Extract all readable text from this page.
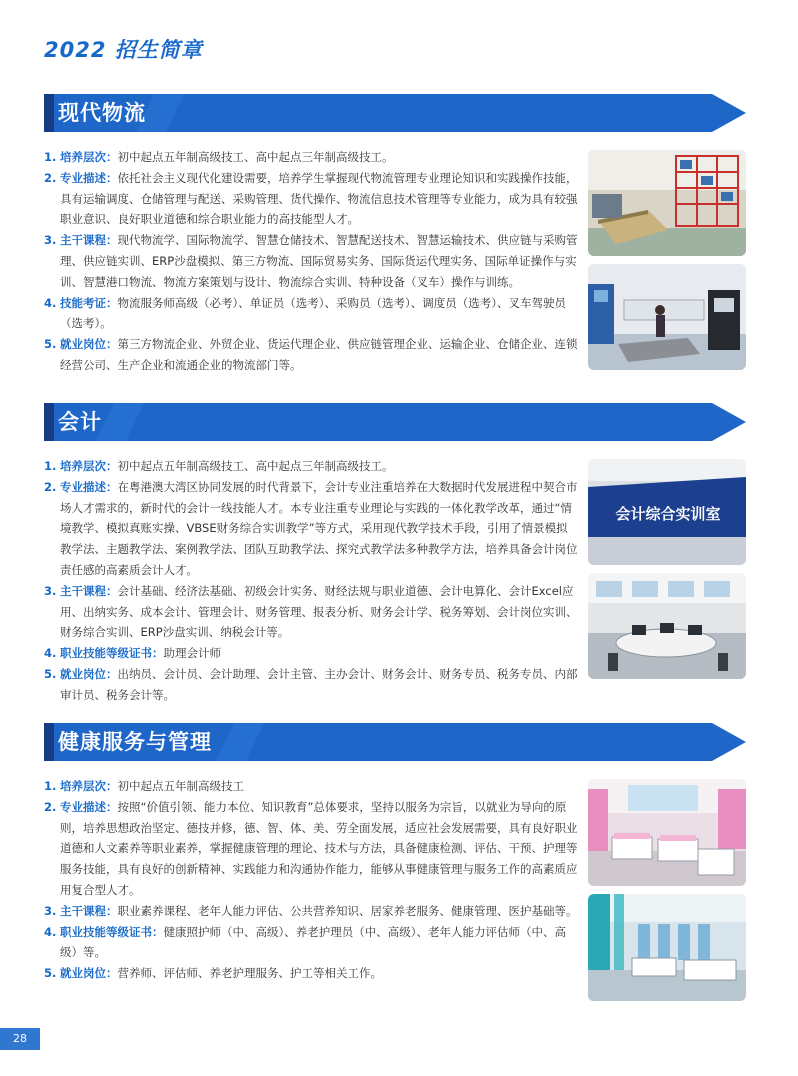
2022 招生简章
现代物流

1. 培养层次：初中起点五年制高级技工、高中起点三年制高级技工。

2. 专业描述：依托社会主义现代化建设需要，培养学生掌握现代物流管理专业理论知识和实践操作技能，具有运输调度、仓储管理与配送、采购管理、货代操作、物流信息技术管理等专业能力，成为具有较强职业意识、良好职业道德和综合职业能力的高技能型人才。

3. 主干课程：现代物流学、国际物流学、智慧仓储技术、智慧配送技术、智慧运输技术、供应链与采购管理、供应链实训、ERP沙盘模拟、第三方物流、国际贸易实务、国际货运代理实务、国际单证操作与实训、智慧港口物流、物流方案策划与设计、物流综合实训、特种设备（叉车）操作与训练。

4. 技能考证：物流服务师高级（必考）、单证员（选考）、采购员（选考）、调度员（选考）、叉车驾驶员（选考）。

5. 就业岗位：第三方物流企业、外贸企业、货运代理企业、供应链管理企业、运输企业、仓储企业、连锁经营公司、生产企业和流通企业的物流部门等。

会计

1. 培养层次：初中起点五年制高级技工、高中起点三年制高级技工。

2. 专业描述：在粤港澳大湾区协同发展的时代背景下，会计专业注重培养在大数据时代发展进程中契合市场人才需求的，新时代的会计一线技能人才。本专业注重专业理论与实践的一体化教学改革，通过“情境教学、模拟真账实操、VBSE财务综合实训教学”等方式，采用现代教学技术手段，引用了情景模拟教学法、主题教学法、案例教学法、团队互助教学法、探究式教学法多种教学方法，培养具备会计岗位责任感的高素质会计人才。

3. 主干课程：会计基础、经济法基础、初级会计实务、财经法规与职业道德、会计电算化、会计Excel应用、出纳实务、成本会计、管理会计、财务管理、报表分析、财务会计学、税务筹划、会计岗位实训、财务综合实训、ERP沙盘实训、纳税会计等。

4. 职业技能等级证书：助理会计师

5. 就业岗位：出纳员、会计员、会计助理、会计主管、主办会计、财务会计、财务专员、税务专员、内部审计员、税务会计等。

会计综合实训室
健康服务与管理

1. 培养层次：初中起点五年制高级技工

2. 专业描述：按照“价值引领、能力本位、知识教育”总体要求，坚持以服务为宗旨，以就业为导向的原则，培养思想政治坚定、德技并修，德、智、体、美、劳全面发展，适应社会发展需要，具有良好职业道德和人文素养等职业素养，掌握健康管理的理论、技术与方法，具备健康检测、评估、干预、护理等服务技能，具有良好的创新精神、实践能力和沟通协作能力，能够从事健康管理与服务工作的高素质应用复合型人才。

3. 主干课程：职业素养课程、老年人能力评估、公共营养知识、居家养老服务、健康管理、医护基础等。

4. 职业技能等级证书：健康照护师（中、高级）、养老护理员（中、高级）、老年人能力评估师（中、高级）等。

5. 就业岗位：营养师、评估师、养老护理服务、护工等相关工作。

28
